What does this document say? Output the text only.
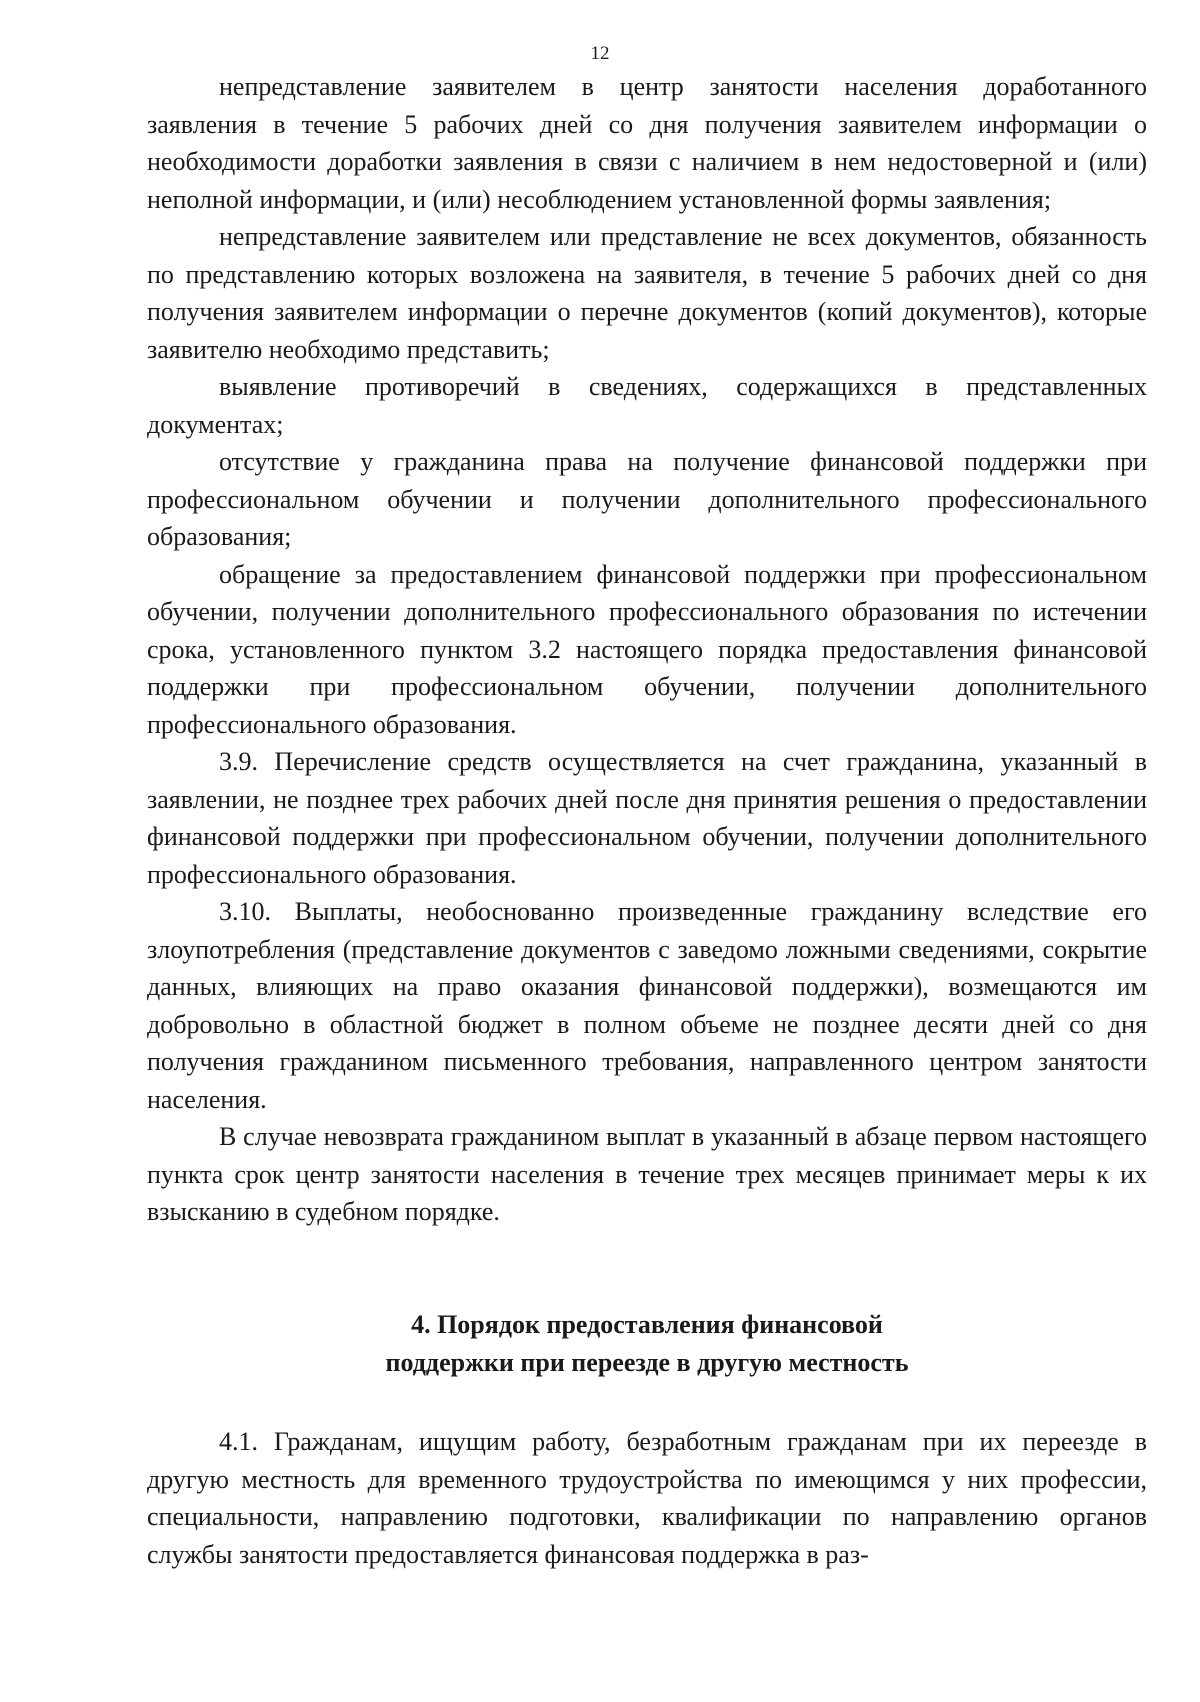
12

непредставление заявителем в центр занятости населения доработанного заявления в течение 5 рабочих дней со дня получения заявителем информации о необходимости доработки заявления в связи с наличием в нем недостоверной и (или) неполной информации, и (или) несоблюдением установленной формы заявления;

непредставление заявителем или представление не всех документов, обязанность по представлению которых возложена на заявителя, в течение 5 рабочих дней со дня получения заявителем информации о перечне документов (копий документов), которые заявителю необходимо представить;

выявление противоречий в сведениях, содержащихся в представленных документах;

отсутствие у гражданина права на получение финансовой поддержки при профессиональном обучении и получении дополнительного профессионального образования;

обращение за предоставлением финансовой поддержки при профессиональном обучении, получении дополнительного профессионального образования по истечении срока, установленного пунктом 3.2 настоящего порядка предоставления финансовой поддержки при профессиональном обучении, получении дополнительного профессионального образования.

3.9. Перечисление средств осуществляется на счет гражданина, указанный в заявлении, не позднее трех рабочих дней после дня принятия решения о предоставлении финансовой поддержки при профессиональном обучении, получении дополнительного профессионального образования.

3.10. Выплаты, необоснованно произведенные гражданину вследствие его злоупотребления (представление документов с заведомо ложными сведениями, сокрытие данных, влияющих на право оказания финансовой поддержки), возмещаются им добровольно в областной бюджет в полном объеме не позднее десяти дней со дня получения гражданином письменного требования, направленного центром занятости населения.

В случае невозврата гражданином выплат в указанный в абзаце первом настоящего пункта срок центр занятости населения в течение трех месяцев принимает меры к их взысканию в судебном порядке.

4. Порядок предоставления финансовой
поддержки при переезде в другую местность

4.1. Гражданам, ищущим работу, безработным гражданам при их переезде в другую местность для временного трудоустройства по имеющимся у них профессии, специальности, направлению подготовки, квалификации по направлению органов службы занятости предоставляется финансовая поддержка в раз-
